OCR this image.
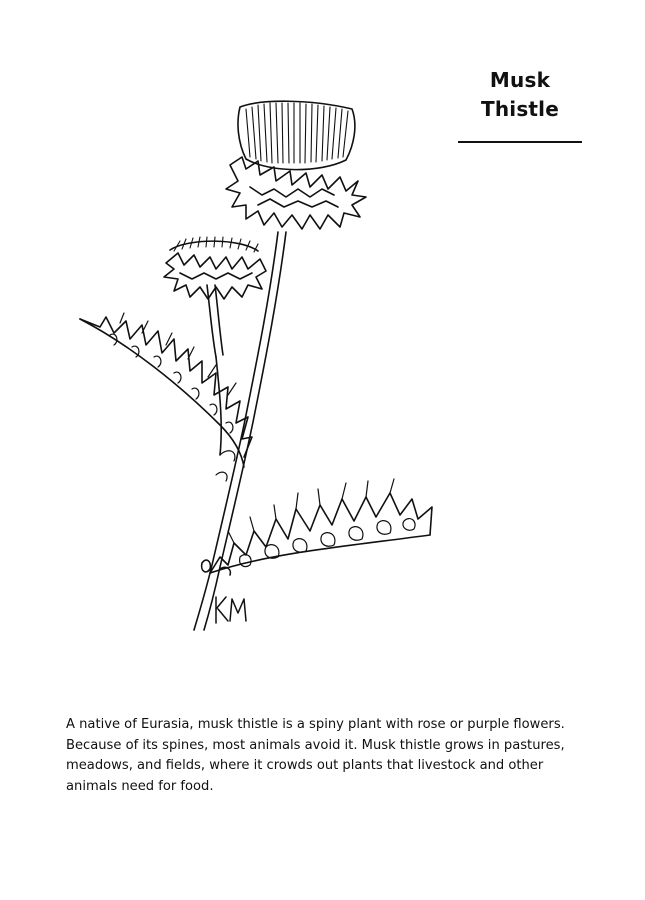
Musk
Thistle

A native of Eurasia, musk thistle is a spiny plant with rose or purple flowers.
Because of its spines, most animals avoid it. Musk thistle grows in pastures,
meadows, and fields, where it crowds out plants that livestock and other
animals need for food.
